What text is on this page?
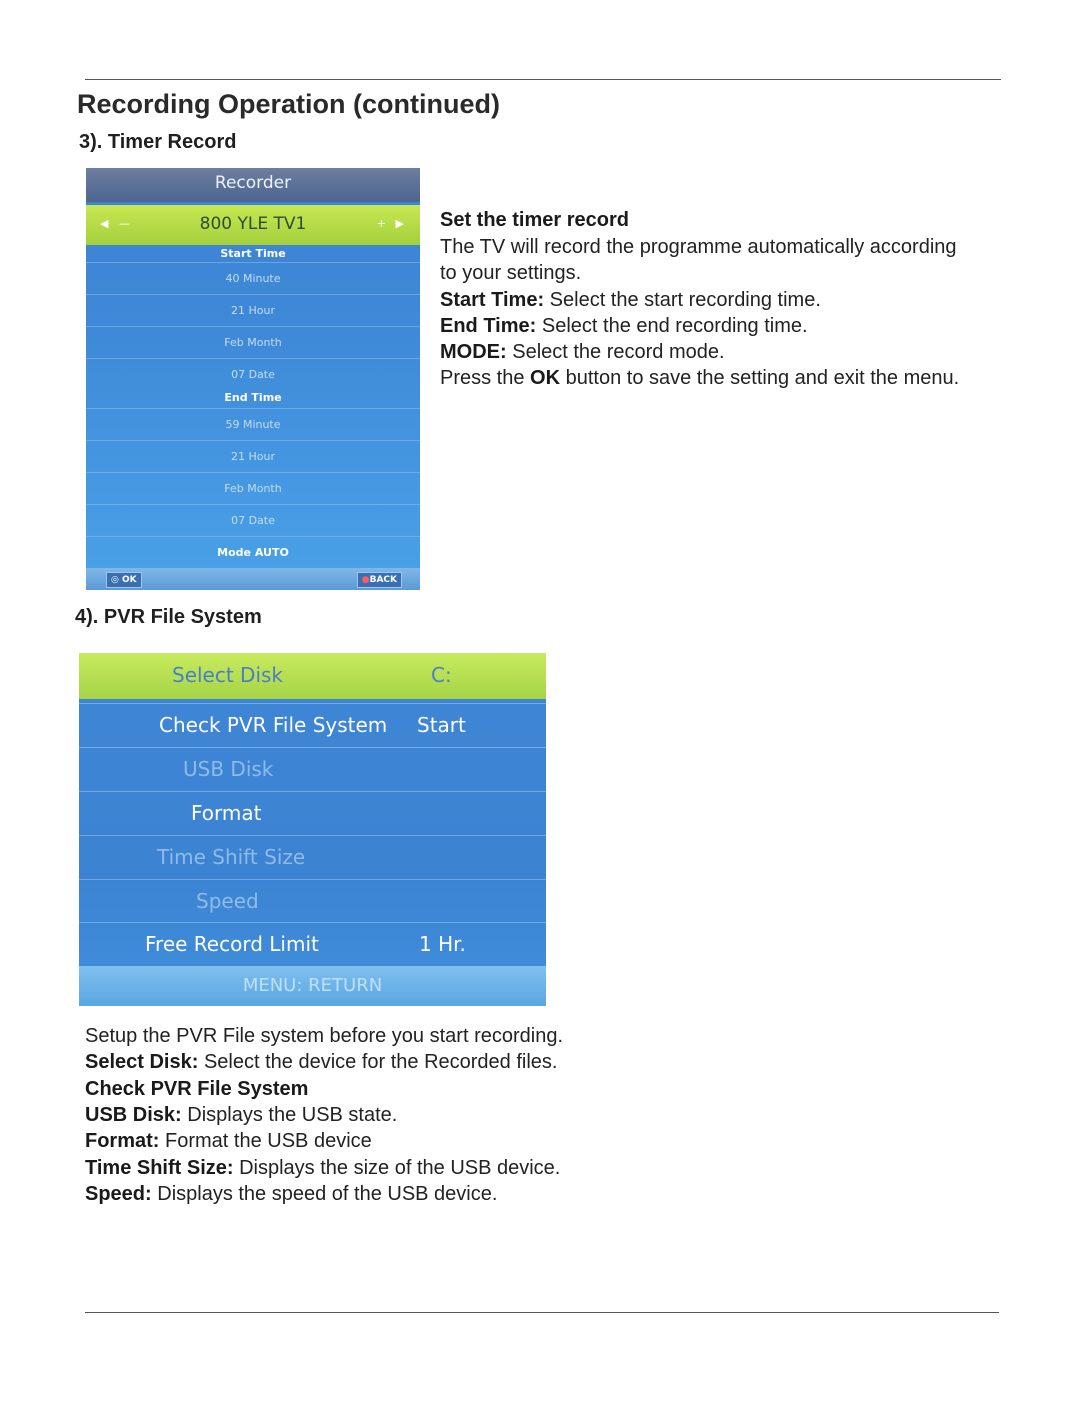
Recording Operation (continued)
3). Timer Record
Recorder
◀ —	800 YLE TV1	+ ▶
Start Time
40 Minute
21 Hour
Feb Month
07 Date
End Time
59 Minute
21 Hour
Feb Month
07 Date
Mode AUTO
◎ OK	●BACK
Set the timer record
The TV will record the programme automatically according
to your settings.
Start Time: Select the start recording time.
End Time: Select the end recording time.
MODE: Select the record mode.
Press the OK button to save the setting and exit the menu.
4). PVR File System
Select Disk	C:
Check PVR File System Start
USB Disk
Format
Time Shift Size
Speed
Free Record Limit	1 Hr.
MENU: RETURN
Setup the PVR File system before you start recording.
Select Disk: Select the device for the Recorded files.
Check PVR File System
USB Disk: Displays the USB state.
Format: Format the USB device
Time Shift Size: Displays the size of the USB device.
Speed: Displays the speed of the USB device.
